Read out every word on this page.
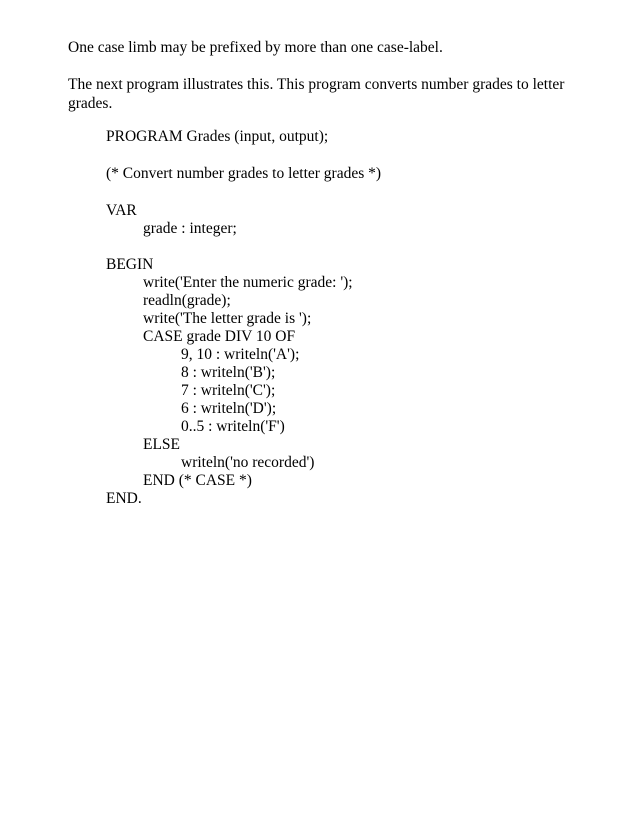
One case limb may be prefixed by more than one case-label.

The next program illustrates this. This program converts number grades to letter grades.

PROGRAM Grades (input, output);
(* Convert number grades to letter grades *)
VAR
grade : integer;
BEGIN
write('Enter the numeric grade: ');
readln(grade);
write('The letter grade is ');
CASE grade DIV 10 OF
9, 10 : writeln('A');
8 : writeln('B');
7 : writeln('C');
6 : writeln('D');
0..5 : writeln('F')
ELSE
writeln('no recorded')
END (* CASE *)
END.
